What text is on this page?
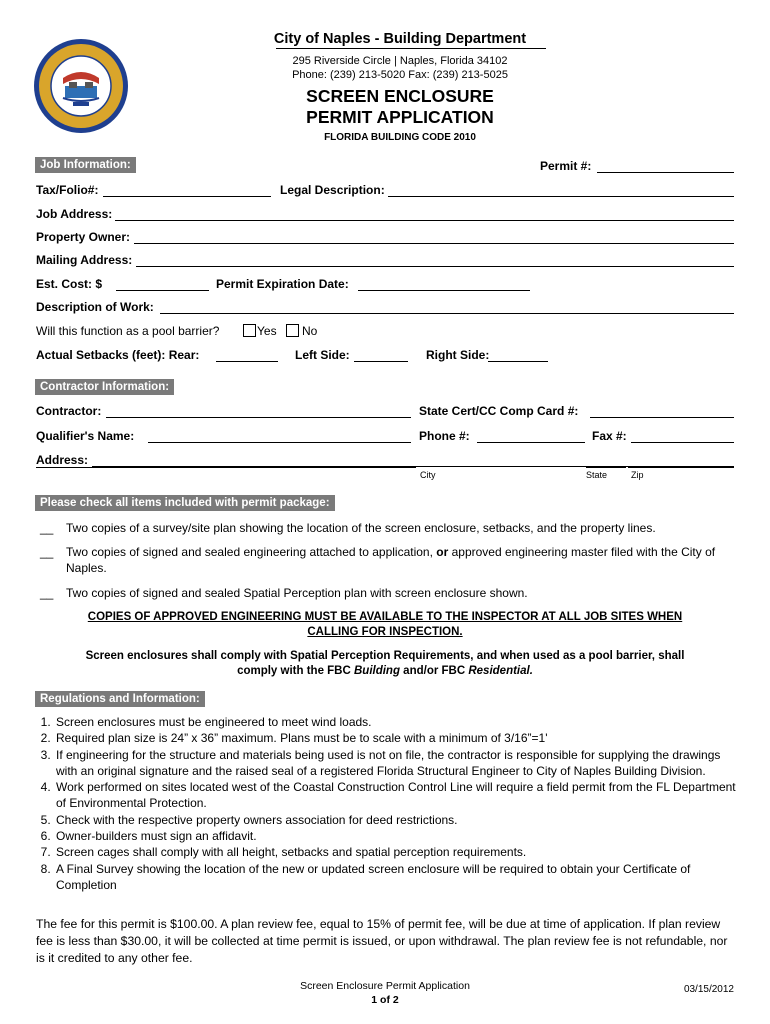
City of Naples - Building Department
295 Riverside Circle | Naples, Florida 34102
Phone: (239) 213-5020 Fax: (239) 213-5025
SCREEN ENCLOSURE
PERMIT APPLICATION
FLORIDA BUILDING CODE 2010
Job Information:	Permit #:
Tax/Folio#:	Legal Description:
Job Address:
Property Owner:
Mailing Address:
Est. Cost: $	Permit Expiration Date:
Description of Work:
Will this function as a pool barrier?	Yes No
Actual Setbacks (feet): Rear:	Left Side:	Right Side:
Contractor Information:
Contractor:	State Cert/CC Comp Card #:
Qualifier's Name:	Phone #:	Fax #:
Address:
City	State	Zip
Please check all items included with permit package:
__ Two copies of a survey/site plan showing the location of the screen enclosure, setbacks, and the property lines.
__ Two copies of signed and sealed engineering attached to application, or approved engineering master filed with the City of Naples.
__ Two copies of signed and sealed Spatial Perception plan with screen enclosure shown.
COPIES OF APPROVED ENGINEERING MUST BE AVAILABLE TO THE INSPECTOR AT ALL JOB SITES WHEN
CALLING FOR INSPECTION.
Screen enclosures shall comply with Spatial Perception Requirements, and when used as a pool barrier, shall
comply with the FBC Building and/or FBC Residential.
Regulations and Information:
1. Screen enclosures must be engineered to meet wind loads.
2. Required plan size is 24” x 36” maximum. Plans must be to scale with a minimum of 3/16”=1'
3. If engineering for the structure and materials being used is not on file, the contractor is responsible for supplying the drawings with an original signature and the raised seal of a registered Florida Structural Engineer to City of Naples Building Division.
4. Work performed on sites located west of the Coastal Construction Control Line will require a field permit from the FL Department of Environmental Protection.
5. Check with the respective property owners association for deed restrictions.
6. Owner-builders must sign an affidavit.
7. Screen cages shall comply with all height, setbacks and spatial perception requirements.
8. A Final Survey showing the location of the new or updated screen enclosure will be required to obtain your Certificate of Completion
The fee for this permit is $100.00. A plan review fee, equal to 15% of permit fee, will be due at time of application. If plan review fee is less than $30.00, it will be collected at time permit is issued, or upon withdrawal. The plan review fee is not refundable, nor is it credited to any other fee.
Screen Enclosure Permit Application
1 of 2
03/15/2012
